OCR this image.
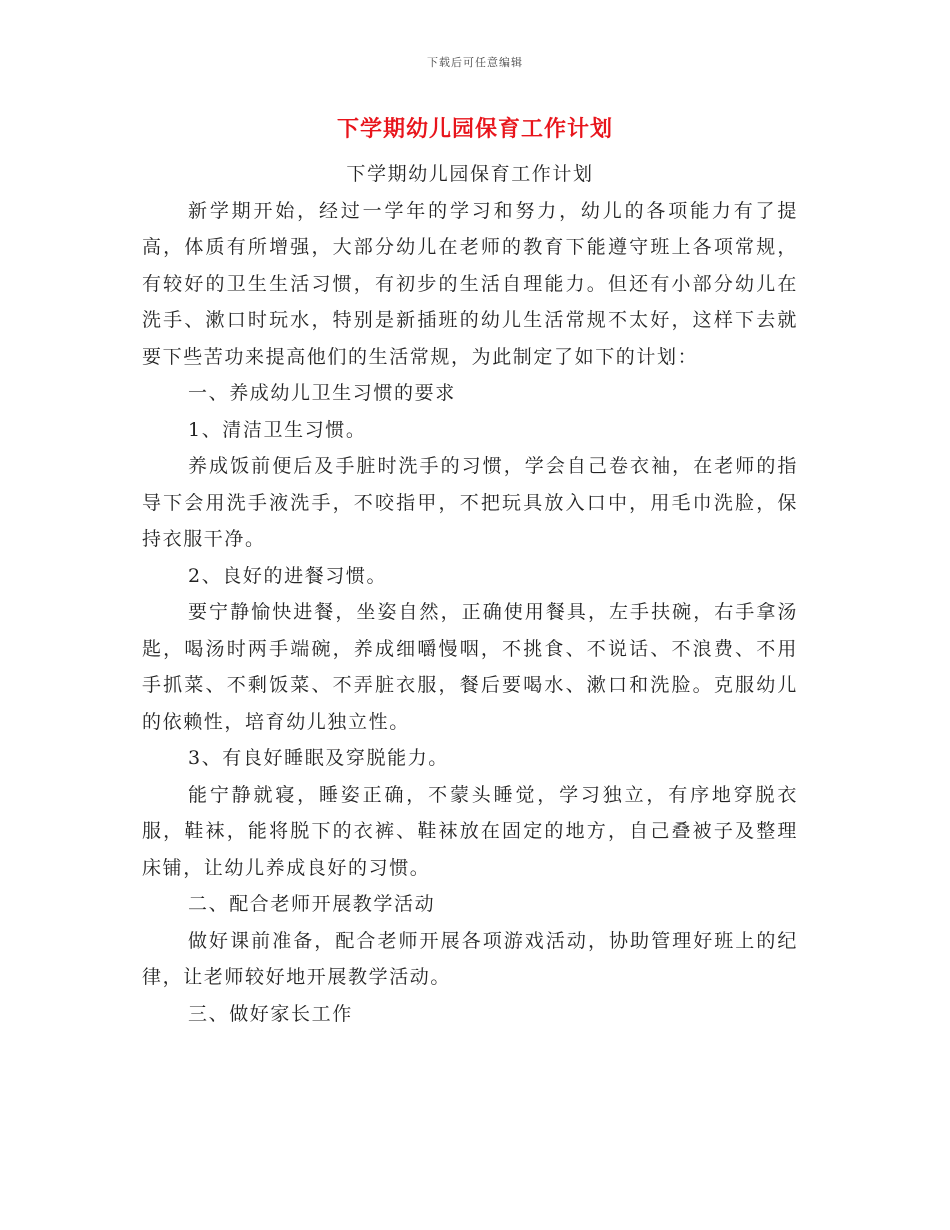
下载后可任意编辑
下学期幼儿园保育工作计划

下学期幼儿园保育工作计划

新学期开始，经过一学年的学习和努力，幼儿的各项能力有了提高，体质有所增强，大部分幼儿在老师的教育下能遵守班上各项常规，有较好的卫生生活习惯，有初步的生活自理能力。但还有小部分幼儿在洗手、漱口时玩水，特别是新插班的幼儿生活常规不太好，这样下去就要下些苦功来提高他们的生活常规，为此制定了如下的计划：

一、养成幼儿卫生习惯的要求

1、清洁卫生习惯。

养成饭前便后及手脏时洗手的习惯，学会自己卷衣袖，在老师的指导下会用洗手液洗手，不咬指甲，不把玩具放入口中，用毛巾洗脸，保持衣服干净。

2、良好的进餐习惯。

要宁静愉快进餐，坐姿自然，正确使用餐具，左手扶碗，右手拿汤匙，喝汤时两手端碗，养成细嚼慢咽，不挑食、不说话、不浪费、不用手抓菜、不剩饭菜、不弄脏衣服，餐后要喝水、漱口和洗脸。克服幼儿的依赖性，培育幼儿独立性。

3、有良好睡眠及穿脱能力。

能宁静就寝，睡姿正确，不蒙头睡觉，学习独立，有序地穿脱衣服，鞋袜，能将脱下的衣裤、鞋袜放在固定的地方，自己叠被子及整理床铺，让幼儿养成良好的习惯。

二、配合老师开展教学活动

做好课前准备，配合老师开展各项游戏活动，协助管理好班上的纪律，让老师较好地开展教学活动。

三、做好家长工作
